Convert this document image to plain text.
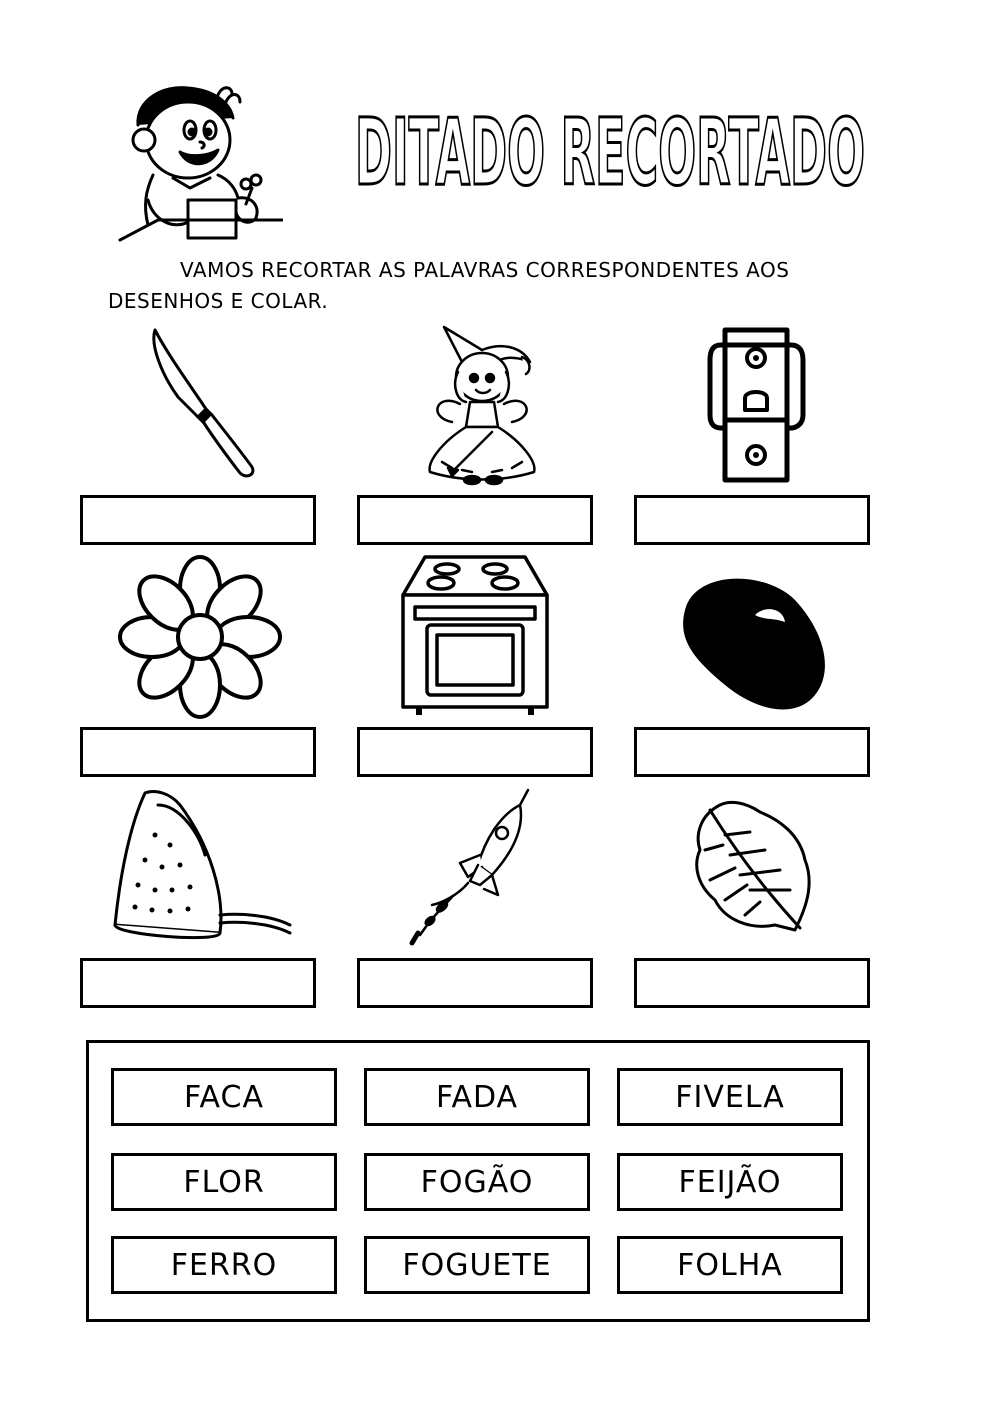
DITADO RECORTADO

VAMOS RECORTAR AS PALAVRAS CORRESPONDENTES AOS
DESENHOS E COLAR.

FACA	FADA	FIVELA
FLOR	FOGÃO	FEIJÃO
FERRO	FOGUETE	FOLHA
